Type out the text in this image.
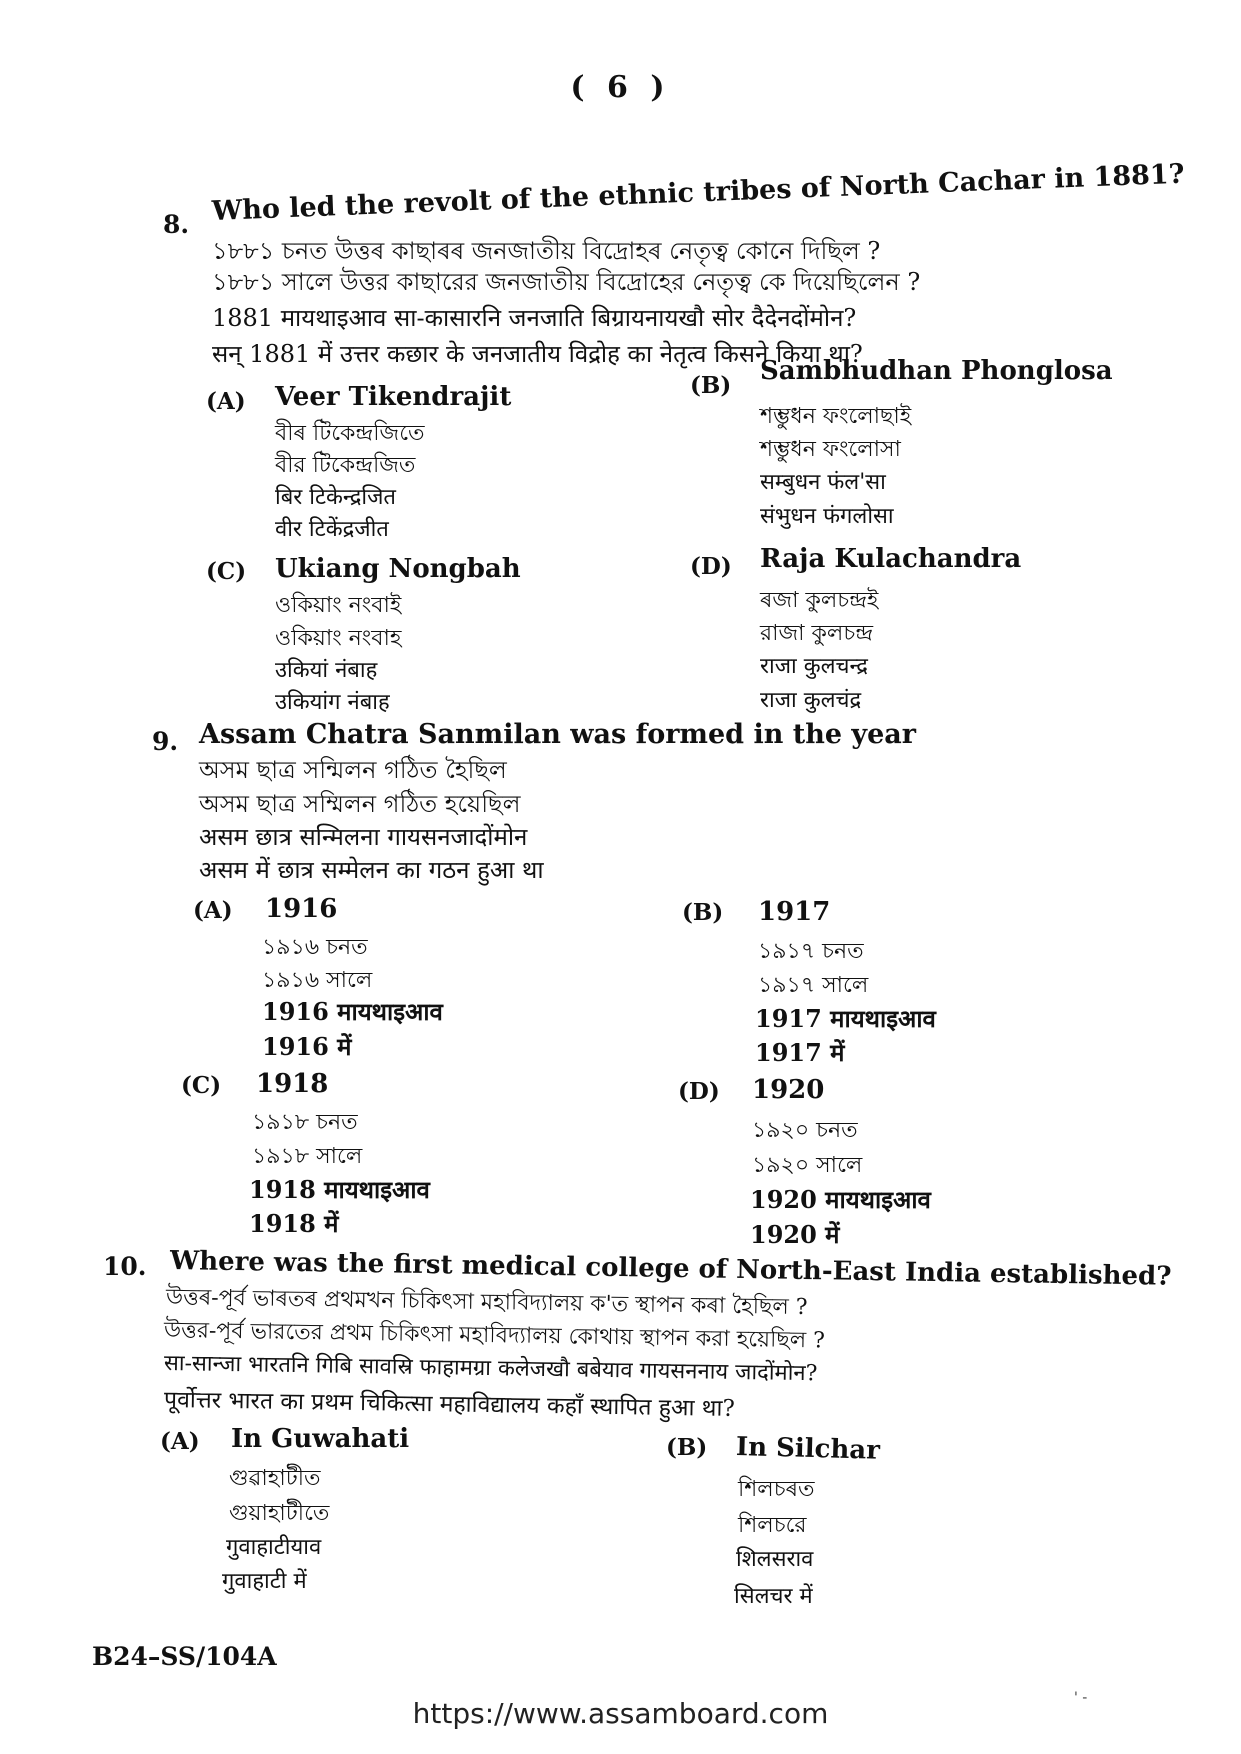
( 6 )
8. Who led the revolt of the ethnic tribes of North Cachar in 1881?
১৮৮১ চনত উত্তৰ কাছাৰৰ জনজাতীয় বিদ্ৰোহৰ নেতৃত্ব কোনে দিছিল ?
১৮৮১ সালে উত্তর কাছারের জনজাতীয় বিদ্রোহের নেতৃত্ব কে দিয়েছিলেন ?
1881 मायथाइआव सा-कासारनि जनजाति बिग्रायनायखौ सोर दैदेनदोंमोन?
सन् 1881 में उत्तर कछार के जनजातीय विद्रोह का नेतृत्व किसने किया था?
(A) Veer Tikendrajit
বীৰ টিকেন্দ্ৰজিতে
বীর টিকেন্দ্রজিত
बिर टिकेन्द्रजित
वीर टिकेंद्रजीत
(B) Sambhudhan Phonglosa
শম্ভুধন ফংলোছাই
শম্ভুধন ফংলোসা
सम्बुधन फंल'सा
संभुधन फंगलोसा
(C) Ukiang Nongbah
ওকিয়াং নংবাই
ওকিয়াং নংবাহ
उकियां नंबाह
उकियांग नंबाह
(D) Raja Kulachandra
ৰজা কুলচন্দ্ৰই
রাজা কুলচন্দ্র
राजा कुलचन्द्र
राजा कुलचंद्र
9. Assam Chatra Sanmilan was formed in the year
অসম ছাত্ৰ সন্মিলন গঠিত হৈছিল
অসম ছাত্র সম্মিলন গঠিত হয়েছিল
असम छात्र सन्मिलना गायसनजादोंमोन
असम में छात्र सम्मेलन का गठन हुआ था
(A) 1916
১৯১৬ চনত
১৯১৬ সালে
1916 मायथाइआव
1916 में
(B) 1917
১৯১৭ চনত
১৯১৭ সালে
1917 मायथाइआव
1917 में
(C) 1918
১৯১৮ চনত
১৯১৮ সালে
1918 मायथाइआव
1918 में
(D) 1920
১৯২০ চনত
১৯২০ সালে
1920 मायथाइआव
1920 में
10. Where was the first medical college of North-East India established?
উত্তৰ-পূৰ্ব ভাৰতৰ প্ৰথমখন চিকিৎসা মহাবিদ্যালয় ক'ত স্থাপন কৰা হৈছিল ?
উত্তর-পূর্ব ভারতের প্রথম চিকিৎসা মহাবিদ্যালয় কোথায় স্থাপন করা হয়েছিল ?
सा-सान्जा भारतनि गिबि सावस्रि फाहामग्रा कलेजखौ बबेयाव गायसननाय जादोंमोन?
पूर्वोत्तर भारत का प्रथम चिकित्सा महाविद्यालय कहाँ स्थापित हुआ था?
(A) In Guwahati
গুৱাহাটীত
গুয়াহাটীতে
गुवाहाटीयाव
गुवाहाटी में
(B) In Silchar
শিলচৰত
শিলচরে
शिलसराव
सिलचर में
B24–SS/104A
' -
https://www.assamboard.com
